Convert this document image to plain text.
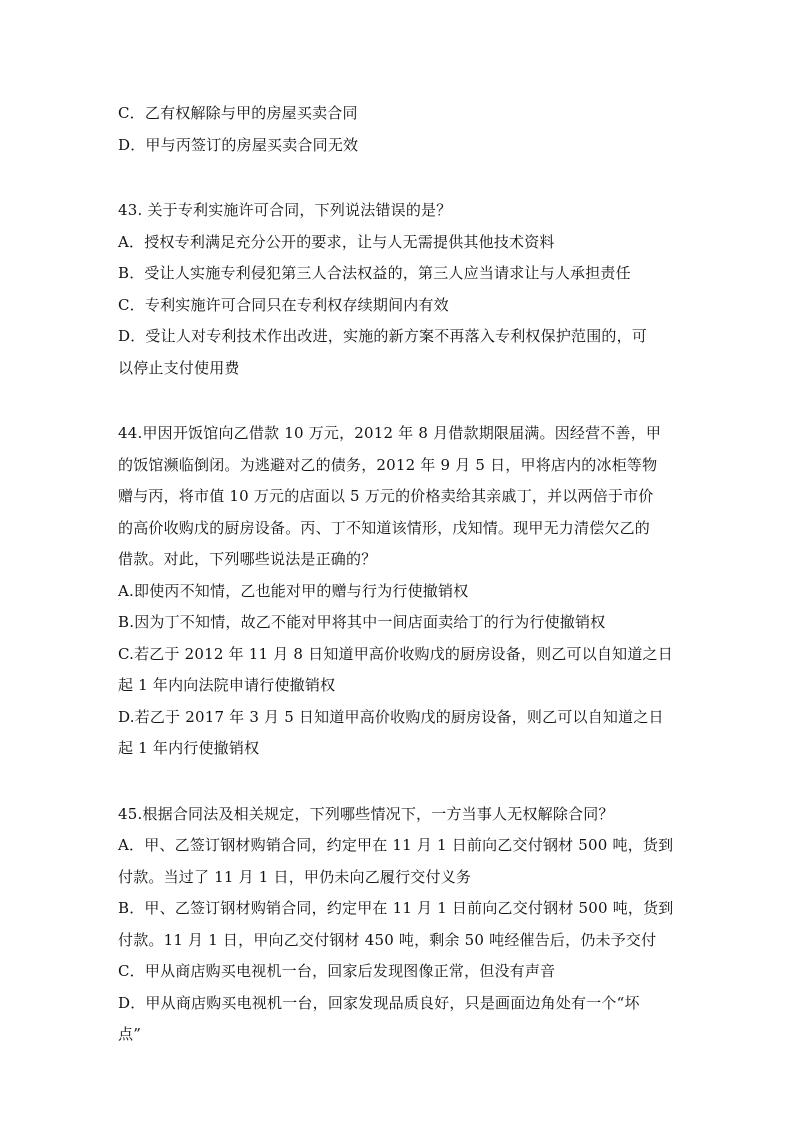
C．乙有权解除与甲的房屋买卖合同

D．甲与丙签订的房屋买卖合同无效

43. 关于专利实施许可合同，下列说法错误的是？

A．授权专利满足充分公开的要求，让与人无需提供其他技术资料

B．受让人实施专利侵犯第三人合法权益的，第三人应当请求让与人承担责任

C．专利实施许可合同只在专利权存续期间内有效

D．受让人对专利技术作出改进，实施的新方案不再落入专利权保护范围的，可

以停止支付使用费

44.甲因开饭馆向乙借款 10 万元，2012 年 8 月借款期限届满。因经营不善，甲

的饭馆濒临倒闭。为逃避对乙的债务，2012 年 9 月 5 日，甲将店内的冰柜等物

赠与丙，将市值 10 万元的店面以 5 万元的价格卖给其亲戚丁，并以两倍于市价

的高价收购戊的厨房设备。丙、丁不知道该情形，戊知情。现甲无力清偿欠乙的

借款。对此，下列哪些说法是正确的？

A.即使丙不知情，乙也能对甲的赠与行为行使撤销权

B.因为丁不知情，故乙不能对甲将其中一间店面卖给丁的行为行使撤销权

C.若乙于 2012 年 11 月 8 日知道甲高价收购戊的厨房设备，则乙可以自知道之日

起 1 年内向法院申请行使撤销权

D.若乙于 2017 年 3 月 5 日知道甲高价收购戊的厨房设备，则乙可以自知道之日

起 1 年内行使撤销权

45.根据合同法及相关规定，下列哪些情况下，一方当事人无权解除合同？

A．甲、乙签订钢材购销合同，约定甲在 11 月 1 日前向乙交付钢材 500 吨，货到

付款。当过了 11 月 1 日，甲仍未向乙履行交付义务

B．甲、乙签订钢材购销合同，约定甲在 11 月 1 日前向乙交付钢材 500 吨，货到

付款。11 月 1 日，甲向乙交付钢材 450 吨，剩余 50 吨经催告后，仍未予交付

C．甲从商店购买电视机一台，回家后发现图像正常，但没有声音

D．甲从商店购买电视机一台，回家发现品质良好，只是画面边角处有一个“坏

点”
